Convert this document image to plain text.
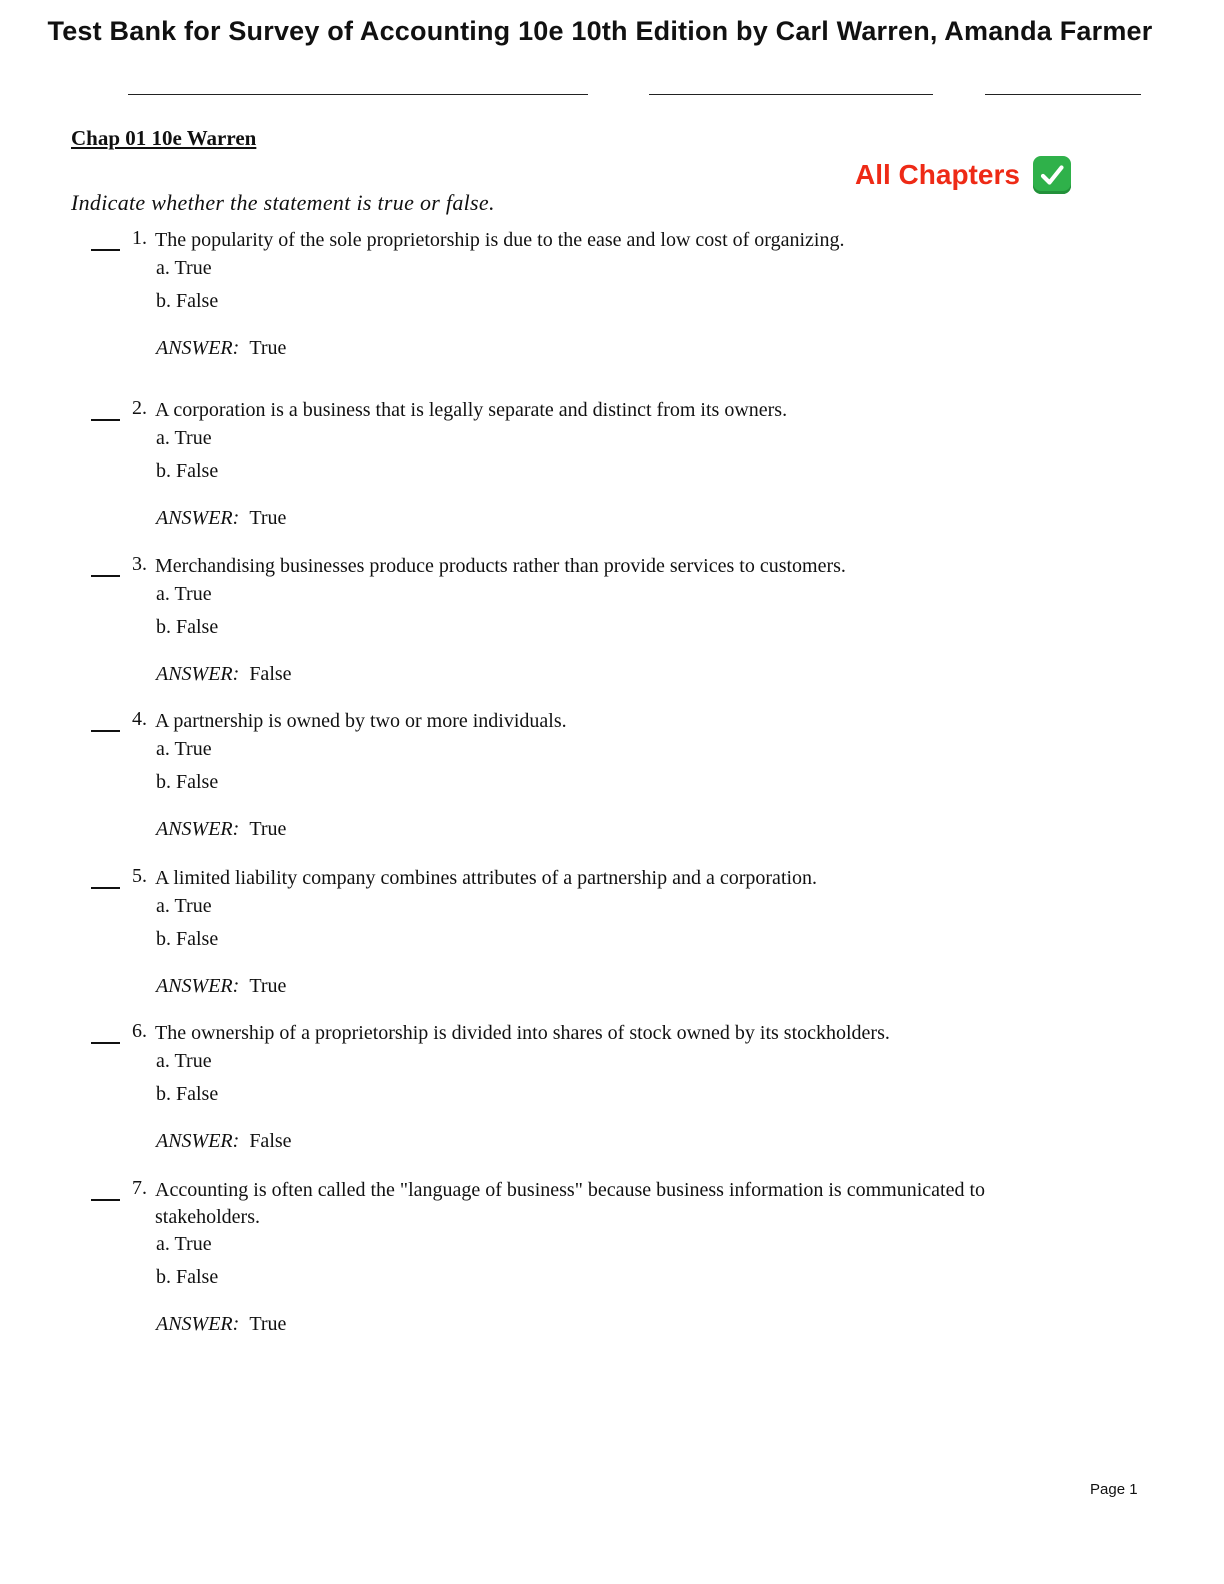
Test Bank for Survey of Accounting 10e 10th Edition by Carl Warren, Amanda Farmer
Chap 01 10e Warren
All Chapters
Indicate whether the statement is true or false.
1. The popularity of the sole proprietorship is due to the ease and low cost of organizing.
a. True
b. False
ANSWER: True
2. A corporation is a business that is legally separate and distinct from its owners.
a. True
b. False
ANSWER: True
3. Merchandising businesses produce products rather than provide services to customers.
a. True
b. False
ANSWER: False
4. A partnership is owned by two or more individuals.
a. True
b. False
ANSWER: True
5. A limited liability company combines attributes of a partnership and a corporation.
a. True
b. False
ANSWER: True
6. The ownership of a proprietorship is divided into shares of stock owned by its stockholders.
a. True
b. False
ANSWER: False
7. Accounting is often called the "language of business" because business information is communicated to stakeholders.
a. True
b. False
ANSWER: True
Page 1
